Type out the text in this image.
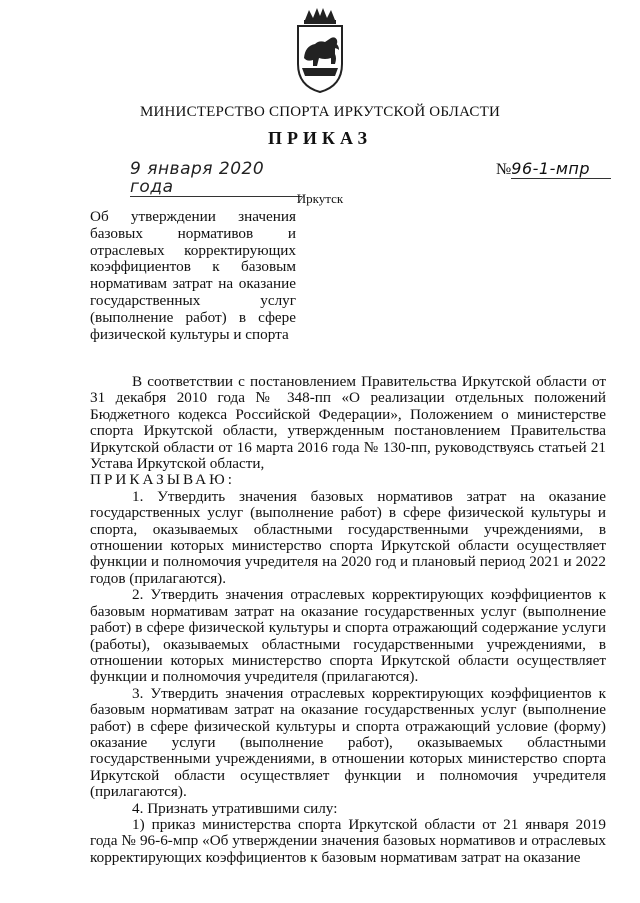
МИНИСТЕРСТВО СПОРТА ИРКУТСКОЙ ОБЛАСТИ
ПРИКАЗ
9 января 2020 года
№96-1-мпр
Иркутск
Об утверждении значения базовых нормативов и отраслевых корректирующих коэффициентов к базовым нормативам затрат на оказание государственных услуг (выполнение работ) в сфере физической культуры и спорта

В соответствии с постановлением Правительства Иркутской области от 31 декабря 2010 года № 348-пп «О реализации отдельных положений Бюджетного кодекса Российской Федерации», Положением о министерстве спорта Иркутской области, утвержденным постановлением Правительства Иркутской области от 16 марта 2016 года № 130-пп, руководствуясь статьей 21 Устава Иркутской области,

ПРИКАЗЫВАЮ:

1. Утвердить значения базовых нормативов затрат на оказание государственных услуг (выполнение работ) в сфере физической культуры и спорта, оказываемых областными государственными учреждениями, в отношении которых министерство спорта Иркутской области осуществляет функции и полномочия учредителя на 2020 год и плановый период 2021 и 2022 годов (прилагаются).

2. Утвердить значения отраслевых корректирующих коэффициентов к базовым нормативам затрат на оказание государственных услуг (выполнение работ) в сфере физической культуры и спорта отражающий содержание услуги (работы), оказываемых областными государственными учреждениями, в отношении которых министерство спорта Иркутской области осуществляет функции и полномочия учредителя (прилагаются).

3. Утвердить значения отраслевых корректирующих коэффициентов к базовым нормативам затрат на оказание государственных услуг (выполнение работ) в сфере физической культуры и спорта отражающий условие (форму) оказание услуги (выполнение работ), оказываемых областными государственными учреждениями, в отношении которых министерство спорта Иркутской области осуществляет функции и полномочия учредителя (прилагаются).

4. Признать утратившими силу:

1) приказ министерства спорта Иркутской области от 21 января 2019 года № 96-6-мпр «Об утверждении значения базовых нормативов и отраслевых корректирующих коэффициентов к базовым нормативам затрат на оказание
